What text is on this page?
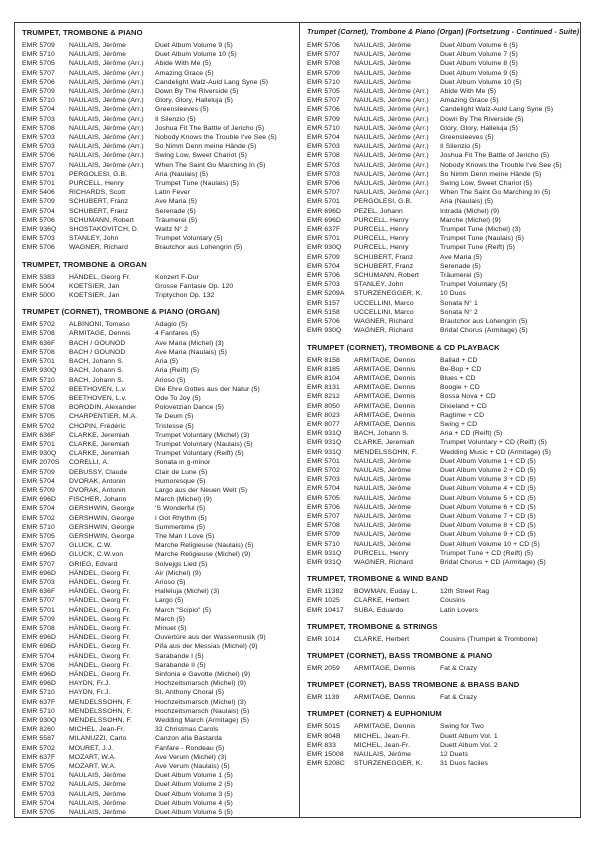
TRUMPET, TROMBONE & PIANO
EMR 5709	NAULAIS, Jérôme	Duet Album Volume 9 (5)
EMR 5710	NAULAIS, Jérôme	Duet Album Volume 10 (5)
EMR 5705	NAULAIS, Jérôme (Arr.)	Abide With Me (5)
EMR 5707	NAULAIS, Jérôme (Arr.)	Amazing Grace (5)
EMR 5706	NAULAIS, Jérôme (Arr.)	Candelight Walz-Auld Lang Syne (5)
EMR 5709	NAULAIS, Jérôme (Arr.)	Down By The Riverside (5)
EMR 5710	NAULAIS, Jérôme (Arr.)	Glory, Glory, Halleluja (5)
EMR 5704	NAULAIS, Jérôme (Arr.)	Greensleeves (5)
EMR 5703	NAULAIS, Jérôme (Arr.)	Il Silenzio (5)
EMR 5708	NAULAIS, Jérôme (Arr.)	Joshua Fit The Battle of Jericho (5)
EMR 5703	NAULAIS, Jérôme (Arr.)	Nobody Knows the Trouble I've See (5)
EMR 5703	NAULAIS, Jérôme (Arr.)	So Nimm Denn meine Hände (5)
EMR 5706	NAULAIS, Jérôme (Arr.)	Swing Low, Sweet Chariot (5)
EMR 5707	NAULAIS, Jérôme (Arr.)	When The Saint Go Marching In (5)
EMR 5701	PERGOLESI, G.B.	Aria (Naulais) (5)
EMR 5701	PURCELL, Henry	Trumpet Tune (Naulais) (5)
EMR 5406	RICHARDS, Scott	Latin Fever
EMR 5709	SCHUBERT, Franz	Ave Maria (5)
EMR 5704	SCHUBERT, Franz	Serenade (5)
EMR 5706	SCHUMANN, Robert	Träumerei (5)
EMR 936Q	SHOSTAKOVITCH, D.	Waltz N° 2
EMR 5703	STANLEY, John	Trumpet Voluntary (5)
EMR 5706	WAGNER, Richard	Brautchor aus Lohengrin (5)
TRUMPET, TROMBONE & ORGAN
EMR 5383	HÄNDEL, Georg Fr.	Konzert F-Dur
EMR 5004	KOETSIER, Jan	Grosse Fantasie Op. 120
EMR 5000	KOETSIER, Jan	Triptychon Op. 132
TRUMPET (CORNET), TROMBONE & PIANO (ORGAN)
EMR 5702	ALBINONI, Tomaso	Adagio (5)
EMR 5708	ARMITAGE, Dennis	4 Fanfares (5)
EMR 636F	BACH / GOUNOD	Ave Maria (Michel) (3)
EMR 5708	BACH / GOUNOD	Ave Maria (Naulais) (5)
EMR 5701	BACH, Johann S.	Aria (5)
EMR 930Q	BACH, Johann S.	Aria (Reift) (5)
EMR 5710	BACH, Johann S.	Arioso (5)
EMR 5702	BEETHOVEN, L.v.	Die Ehre Gottes aus der Natur (5)
EMR 5705	BEETHOVEN, L.v.	Ode To Joy (5)
EMR 5708	BORODIN, Alexander	Polovetzian Dance (5)
EMR 5705	CHARPENTIER, M.A.	Te Deum (5)
EMR 5702	CHOPIN, Frédéric	Tristesse (5)
EMR 636F	CLARKE, Jeremiah	Trumpet Voluntary (Michel) (3)
EMR 5701	CLARKE, Jeremiah	Trumpet Voluntary (Naulais) (5)
EMR 930Q	CLARKE, Jeremiah	Trumpet Voluntary (Reift) (5)
EMR 2070S	CORELLI, A.	Sonata in g-minor
EMR 5709	DEBUSSY, Claude	Clair de Lune (5)
EMR 5704	DVORAK, Antonin	Humoresque (5)
EMR 5709	DVORAK, Antonin	Largo aus der Neuen Welt (5)
EMR 696D	FISCHER, Johann	March (Michel) (9)
EMR 5704	GERSHWIN, George	'S Wonderful (5)
EMR 5702	GERSHWIN, George	I Got Rhythm (5)
EMR 5710	GERSHWIN, George	Summertime (5)
EMR 5705	GERSHWIN, George	The Man I Love (5)
EMR 5707	GLUCK, C.W.	Marche Religieuse (Naulais) (5)
EMR 696D	GLUCK, C.W.von	Marche Religieuse (Michel) (9)
EMR 5707	GRIEG, Edvard	Solvejgs Lied (5)
EMR 696D	HÄNDEL, Georg Fr.	Air (Michel) (9)
EMR 5703	HÄNDEL, Georg Fr.	Arioso (5)
EMR 636F	HÄNDEL, Georg Fr.	Halleluja (Michel) (3)
EMR 5707	HÄNDEL, Georg Fr.	Largo (5)
EMR 5701	HÄNDEL, Georg Fr.	March "Scipio" (5)
EMR 5709	HÄNDEL, Georg Fr.	March (5)
EMR 5708	HÄNDEL, Georg Fr.	Minuet (5)
EMR 696D	HÄNDEL, Georg Fr.	Ouvertüre aus der Wassermusik (9)
EMR 696D	HÄNDEL, Georg Fr.	Pifa aus der Messias (Michel) (9)
EMR 5704	HÄNDEL, Georg Fr.	Sarabande I (5)
EMR 5706	HÄNDEL, Georg Fr.	Sarabande II (5)
EMR 696D	HÄNDEL, Georg Fr.	Sinfonia e Gavotte (Michel) (9)
EMR 696D	HAYDN, Fr.J.	Hochzeitsmarsch (Michel) (9)
EMR 5710	HAYDN, Fr.J.	St. Anthony Choral (5)
EMR 637F	MENDELSSOHN, F.	Hochzeitsmarsch (Michel) (3)
EMR 5710	MENDELSSOHN, F.	Hochzeitsmarsch (Naulais) (5)
EMR 930Q	MENDELSSOHN, F.	Wedding March (Armitage) (5)
EMR 8260	MICHEL, Jean-Fr.	32 Christmas Carols
EMR 5587	MILANUZZI, Carlo	Canzon alla Bastarda
EMR 5702	MOURET, J.J.	Fanfare - Rondeau (5)
EMR 637F	MOZART, W.A.	Ave Verum (Michel) (3)
EMR 5705	MOZART, W.A.	Ave Verum (Naulais) (5)
EMR 5701	NAULAIS, Jérôme	Duet Album Volume 1 (5)
EMR 5702	NAULAIS, Jérôme	Duet Album Volume 2 (5)
EMR 5703	NAULAIS, Jérôme	Duet Album Volume 3 (5)
EMR 5704	NAULAIS, Jérôme	Duet Album Volume 4 (5)
EMR 5705	NAULAIS, Jérôme	Duet Album Volume 5 (5)
Trumpet (Cornet), Trombone & Piano (Organ) (Fortsetzung - Continued - Suite)
EMR 5706	NAULAIS, Jérôme	Duet Album Volume 6 (5)
EMR 5707	NAULAIS, Jérôme	Duet Album Volume 7 (5)
EMR 5708	NAULAIS, Jérôme	Duet Album Volume 8 (5)
EMR 5709	NAULAIS, Jérôme	Duet Album Volume 9 (5)
EMR 5710	NAULAIS, Jérôme	Duet Album Volume 10 (5)
EMR 5705	NAULAIS, Jérôme (Arr.)	Abide With Me (5)
EMR 5707	NAULAIS, Jérôme (Arr.)	Amazing Grace (5)
EMR 5706	NAULAIS, Jérôme (Arr.)	Candelight Walz-Auld Lang Syne (5)
EMR 5709	NAULAIS, Jérôme (Arr.)	Down By The Riverside (5)
EMR 5710	NAULAIS, Jérôme (Arr.)	Glory, Glory, Halleluja (5)
EMR 5704	NAULAIS, Jérôme (Arr.)	Greensleeves (5)
EMR 5703	NAULAIS, Jérôme (Arr.)	Il Silenzio (5)
EMR 5708	NAULAIS, Jérôme (Arr.)	Joshua Fit The Battle of Jericho (5)
EMR 5703	NAULAIS, Jérôme (Arr.)	Nobody Knows the Trouble I've See (5)
EMR 5703	NAULAIS, Jérôme (Arr.)	So Nimm Denn meine Hände (5)
EMR 5706	NAULAIS, Jérôme (Arr.)	Swing Low, Sweet Chariot (5)
EMR 5707	NAULAIS, Jérôme (Arr.)	When The Saint Go Marching In (5)
EMR 5701	PERGOLESI, G.B.	Aria (Naulais) (5)
EMR 696D	PEZEL, Johann	Intrada (Michel) (9)
EMR 696D	PURCELL, Henry	Marche (Michel) (9)
EMR 637F	PURCELL, Henry	Trumpet Tune (Michel) (3)
EMR 5701	PURCELL, Henry	Trumpet Tune (Naulais) (5)
EMR 930Q	PURCELL, Henry	Trumpet Tune (Reift) (5)
EMR 5709	SCHUBERT, Franz	Ave Maria (5)
EMR 5704	SCHUBERT, Franz	Serenade (5)
EMR 5706	SCHUMANN, Robert	Träumerei (5)
EMR 5703	STANLEY, John	Trumpet Voluntary (5)
EMR 5209A	STURZENEGGER, K.	10 Duos
EMR 5157	UCCELLINI, Marco	Sonata N° 1
EMR 5158	UCCELLINI, Marco	Sonata N° 2
EMR 5706	WAGNER, Richard	Brautchor aus Lohengrin (5)
EMR 930Q	WAGNER, Richard	Bridal Chorus (Armitage) (5)
TRUMPET (CORNET), TROMBONE & CD PLAYBACK
EMR 8158	ARMITAGE, Dennis	Ballad + CD
EMR 8185	ARMITAGE, Dennis	Be-Bop + CD
EMR 8104	ARMITAGE, Dennis	Blues + CD
EMR 8131	ARMITAGE, Dennis	Boogie + CD
EMR 8212	ARMITAGE, Dennis	Bossa Nova + CD
EMR 8050	ARMITAGE, Dennis	Dixieland + CD
EMR 8023	ARMITAGE, Dennis	Ragtime + CD
EMR 8077	ARMITAGE, Dennis	Swing + CD
EMR 931Q	BACH, Johann S.	Aria + CD (Reift) (5)
EMR 931Q	CLARKE, Jeremiah	Trumpet Voluntary + CD (Reift) (5)
EMR 931Q	MENDELSSOHN, F.	Wedding Music + CD (Armitage) (5)
EMR 5701	NAULAIS, Jérôme	Duet Album Volume 1 + CD (5)
EMR 5702	NAULAIS, Jérôme	Duet Album Volume 2 + CD (5)
EMR 5703	NAULAIS, Jérôme	Duet Album Volume 3 + CD (5)
EMR 5704	NAULAIS, Jérôme	Duet Album Volume 4 + CD (5)
EMR 5705	NAULAIS, Jérôme	Duet Album Volume 5 + CD (5)
EMR 5706	NAULAIS, Jérôme	Duet Album Volume 6 + CD (5)
EMR 5707	NAULAIS, Jérôme	Duet Album Volume 7 + CD (5)
EMR 5708	NAULAIS, Jérôme	Duet Album Volume 8 + CD (5)
EMR 5709	NAULAIS, Jérôme	Duet Album Volume 9 + CD (5)
EMR 5710	NAULAIS, Jérôme	Duet Album Volume 10 + CD (5)
EMR 931Q	PURCELL, Henry	Trumpet Tune + CD (Reift) (5)
EMR 931Q	WAGNER, Richard	Bridal Chorus + CD (Armitage) (5)
TRUMPET, TROMBONE & WIND BAND
EMR 11382	BOWMAN, Euday L.	12th Street Rag
EMR 1025	CLARKE, Herbert	Cousins
EMR 10417	SUBA, Eduardo	Latin Lovers
TRUMPET, TROMBONE & STRINGS
EMR 1014	CLARKE, Herbert	Cousins (Trumpet & Trombone)
TRUMPET (CORNET), BASS TROMBONE & PIANO
EMR 2059	ARMITAGE, Dennis	Fat & Crazy
TRUMPET (CORNET), BASS TROMBONE & BRASS BAND
EMR 1139	ARMITAGE, Dennis	Fat & Crazy
TRUMPET (CORNET) & EUPHONIUM
EMR 5015	ARMITAGE, Dennis	Swing for Two
EMR 804B	MICHEL, Jean-Fr.	Duett Album Vol. 1
EMR 833	MICHEL, Jean-Fr.	Duett Album Vol. 2
EMR 15008	NAULAIS, Jérôme	12 Duets
EMR 5208C	STURZENEGGER, K.	31 Duos faciles
